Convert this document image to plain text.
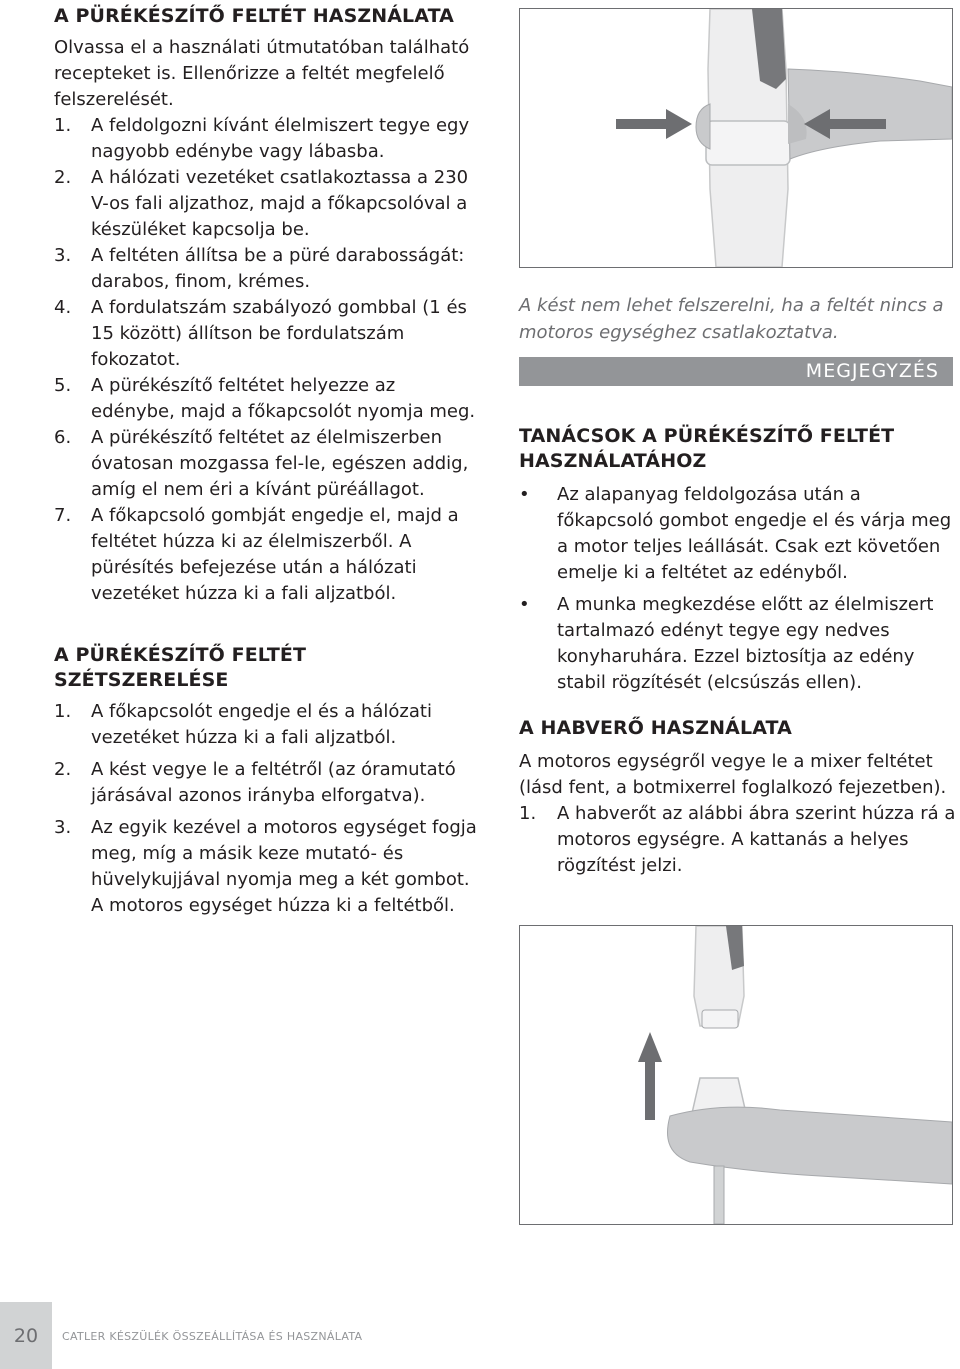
A PÜRÉKÉSZÍTŐ FELTÉT HASZNÁLATA

Olvassa el a használati útmutatóban található recepteket is. Ellenőrizze a feltét megfelelő felszerelését.

1.	A feldolgozni kívánt élelmiszert tegye egy nagyobb edénybe vagy lábasba.
2.	A hálózati vezetéket csatlakoztassa a 230 V-os fali aljzathoz, majd a főkapcsolóval a készüléket kapcsolja be.
3.	A feltéten állítsa be a püré darabosságát: darabos, finom, krémes.
4.	A fordulatszám szabályozó gombbal (1 és 15 között) állítson be fordulatszám fokozatot.
5.	A pürékészítő feltétet helyezze az edénybe, majd a főkapcsolót nyomja meg.
6.	A pürékészítő feltétet az élelmiszerben óvatosan mozgassa fel-le, egészen addig, amíg el nem éri a kívánt püréállagot.
7.	A főkapcsoló gombját engedje el, majd a feltétet húzza ki az élelmiszerből. A pürésítés befejezése után a hálózati vezetéket húzza ki a fali aljzatból.
A PÜRÉKÉSZÍTŐ FELTÉT SZÉTSZERELÉSE
1.	A főkapcsolót engedje el és a hálózati vezetéket húzza ki a fali aljzatból.
2.	A kést vegye le a feltétről (az óramutató járásával azonos irányba elforgatva).
3.	Az egyik kezével a motoros egységet fogja meg, míg a másik keze mutató- és hüvelykujjával nyomja meg a két gombot. A motoros egységet húzza ki a feltétből.

A kést nem lehet felszerelni, ha a feltét nincs a motoros egységhez csatlakoztatva.

MEGJEGYZÉS
TANÁCSOK A PÜRÉKÉSZÍTŐ FELTÉT HASZNÁLATÁHOZ
•	Az alapanyag feldolgozása után a főkapcsoló gombot engedje el és várja meg a motor teljes leállását. Csak ezt követően emelje ki a feltétet az edényből.
•	A munka megkezdése előtt az élelmiszert tartalmazó edényt tegye egy nedves konyharuhára. Ezzel biztosítja az edény stabil rögzítését (elcsúszás ellen).
A HABVERŐ HASZNÁLATA

A motoros egységről vegye le a mixer feltétet (lásd fent, a botmixerrel foglalkozó fejezetben).

1.	A habverőt az alábbi ábra szerint húzza rá a motoros egységre. A kattanás a helyes rögzítést jelzi.
20	CATLER KÉSZÜLÉK ÖSSZEÁLLÍTÁSA ÉS HASZNÁLATA
